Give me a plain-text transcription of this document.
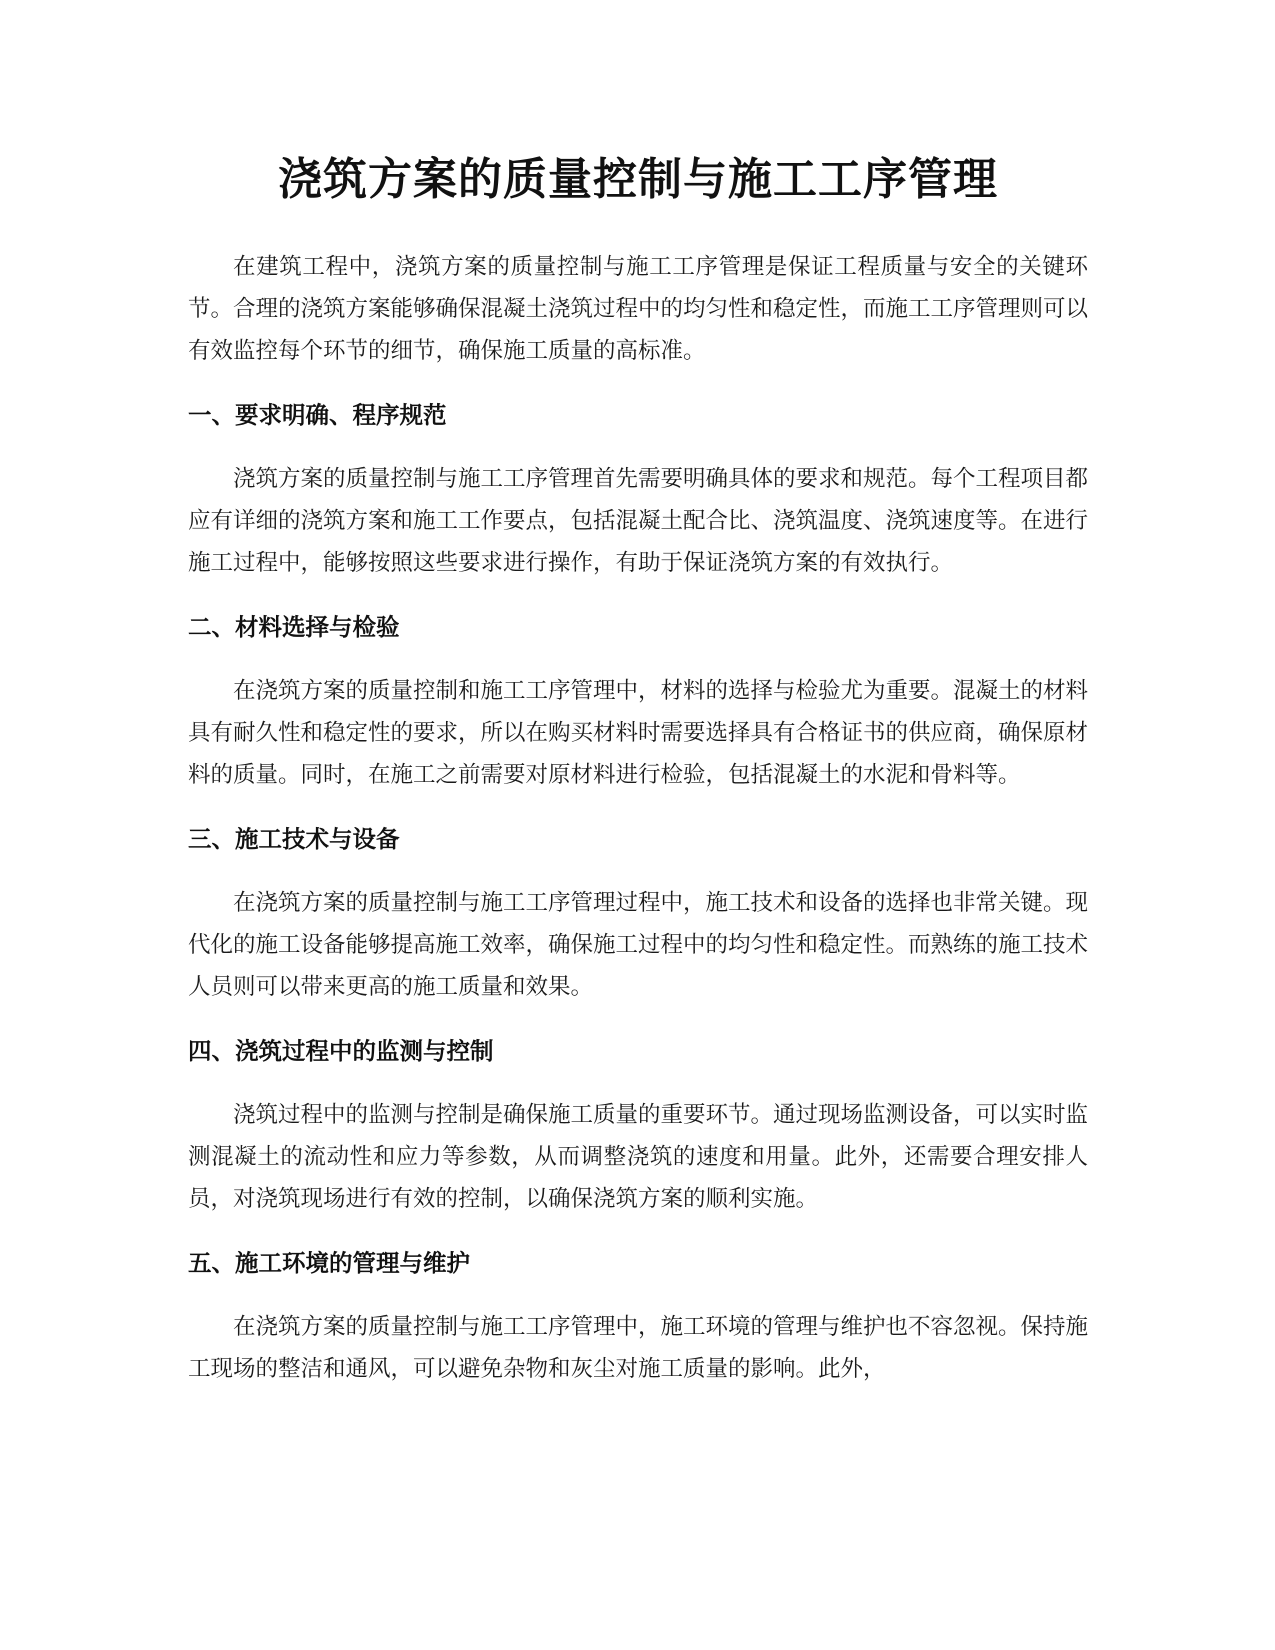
浇筑方案的质量控制与施工工序管理

在建筑工程中，浇筑方案的质量控制与施工工序管理是保证工程质量与安全的关键环节。合理的浇筑方案能够确保混凝土浇筑过程中的均匀性和稳定性，而施工工序管理则可以有效监控每个环节的细节，确保施工质量的高标准。

一、要求明确、程序规范

浇筑方案的质量控制与施工工序管理首先需要明确具体的要求和规范。每个工程项目都应有详细的浇筑方案和施工工作要点，包括混凝土配合比、浇筑温度、浇筑速度等。在进行施工过程中，能够按照这些要求进行操作，有助于保证浇筑方案的有效执行。

二、材料选择与检验

在浇筑方案的质量控制和施工工序管理中，材料的选择与检验尤为重要。混凝土的材料具有耐久性和稳定性的要求，所以在购买材料时需要选择具有合格证书的供应商，确保原材料的质量。同时，在施工之前需要对原材料进行检验，包括混凝土的水泥和骨料等。

三、施工技术与设备

在浇筑方案的质量控制与施工工序管理过程中，施工技术和设备的选择也非常关键。现代化的施工设备能够提高施工效率，确保施工过程中的均匀性和稳定性。而熟练的施工技术人员则可以带来更高的施工质量和效果。

四、浇筑过程中的监测与控制

浇筑过程中的监测与控制是确保施工质量的重要环节。通过现场监测设备，可以实时监测混凝土的流动性和应力等参数，从而调整浇筑的速度和用量。此外，还需要合理安排人员，对浇筑现场进行有效的控制，以确保浇筑方案的顺利实施。

五、施工环境的管理与维护

在浇筑方案的质量控制与施工工序管理中，施工环境的管理与维护也不容忽视。保持施工现场的整洁和通风，可以避免杂物和灰尘对施工质量的影响。此外，
